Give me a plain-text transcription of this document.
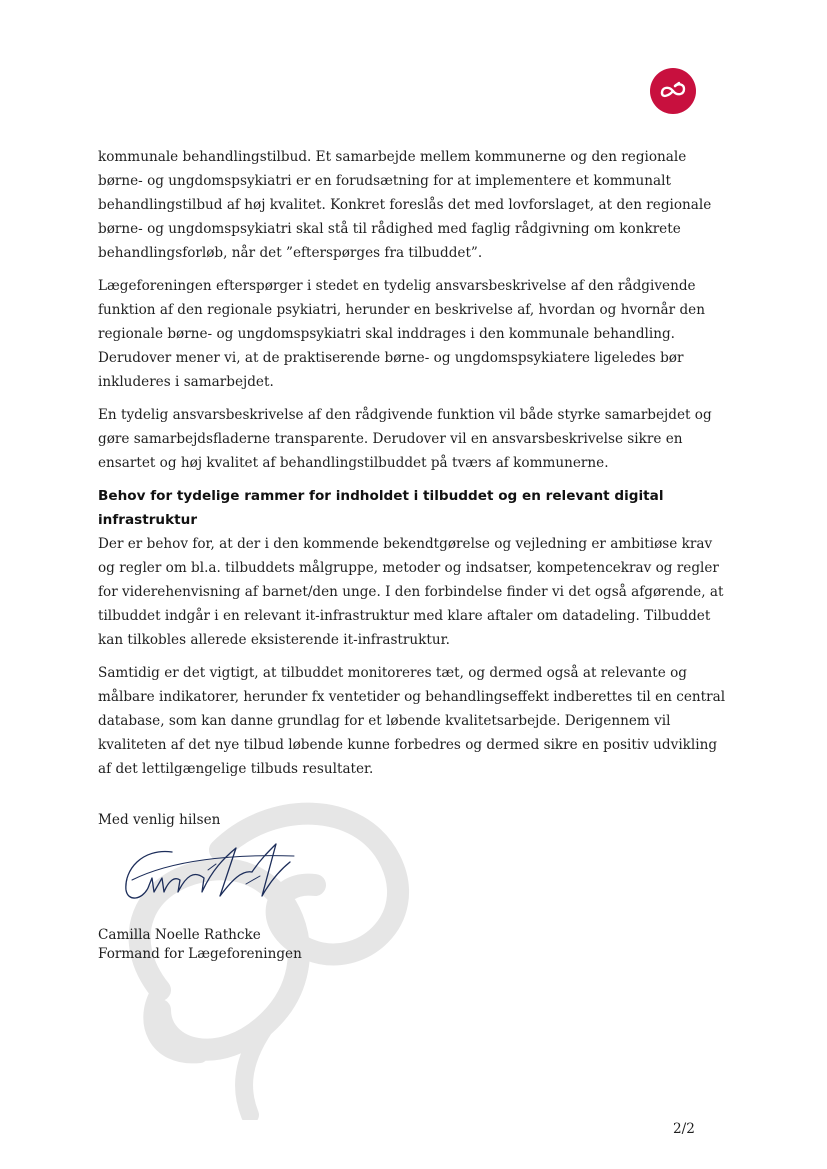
kommunale behandlingstilbud. Et samarbejde mellem kommunerne og den regionale børne- og ungdomspsykiatri er en forudsætning for at implementere et kommunalt behandlingstilbud af høj kvalitet. Konkret foreslås det med lovforslaget, at den regionale børne- og ungdomspsykiatri skal stå til rådighed med faglig rådgivning om konkrete behandlingsforløb, når det ”efterspørges fra tilbuddet”.

Lægeforeningen efterspørger i stedet en tydelig ansvarsbeskrivelse af den rådgivende funktion af den regionale psykiatri, herunder en beskrivelse af, hvordan og hvornår den regionale børne- og ungdomspsykiatri skal inddrages i den kommunale behandling. Derudover mener vi, at de praktiserende børne- og ungdomspsykiatere ligeledes bør inkluderes i samarbejdet.

En tydelig ansvarsbeskrivelse af den rådgivende funktion vil både styrke samarbejdet og gøre samarbejdsfladerne transparente. Derudover vil en ansvarsbeskrivelse sikre en ensartet og høj kvalitet af behandlingstilbuddet på tværs af kommunerne.

Behov for tydelige rammer for indholdet i tilbuddet og en relevant digital infrastruktur

Der er behov for, at der i den kommende bekendtgørelse og vejledning er ambitiøse krav og regler om bl.a. tilbuddets målgruppe, metoder og indsatser, kompetencekrav og regler for viderehenvisning af barnet/den unge. I den forbindelse finder vi det også afgørende, at tilbuddet indgår i en relevant it-infrastruktur med klare aftaler om datadeling. Tilbuddet kan tilkobles allerede eksisterende it-infrastruktur.

Samtidig er det vigtigt, at tilbuddet monitoreres tæt, og dermed også at relevante og målbare indikatorer, herunder fx ventetider og behandlingseffekt indberettes til en central database, som kan danne grundlag for et løbende kvalitetsarbejde. Derigennem vil kvaliteten af det nye tilbud løbende kunne forbedres og dermed sikre en positiv udvikling af det lettilgængelige tilbuds resultater.

Med venlig hilsen
Camilla Noelle Rathcke
Formand for Lægeforeningen
2/2
